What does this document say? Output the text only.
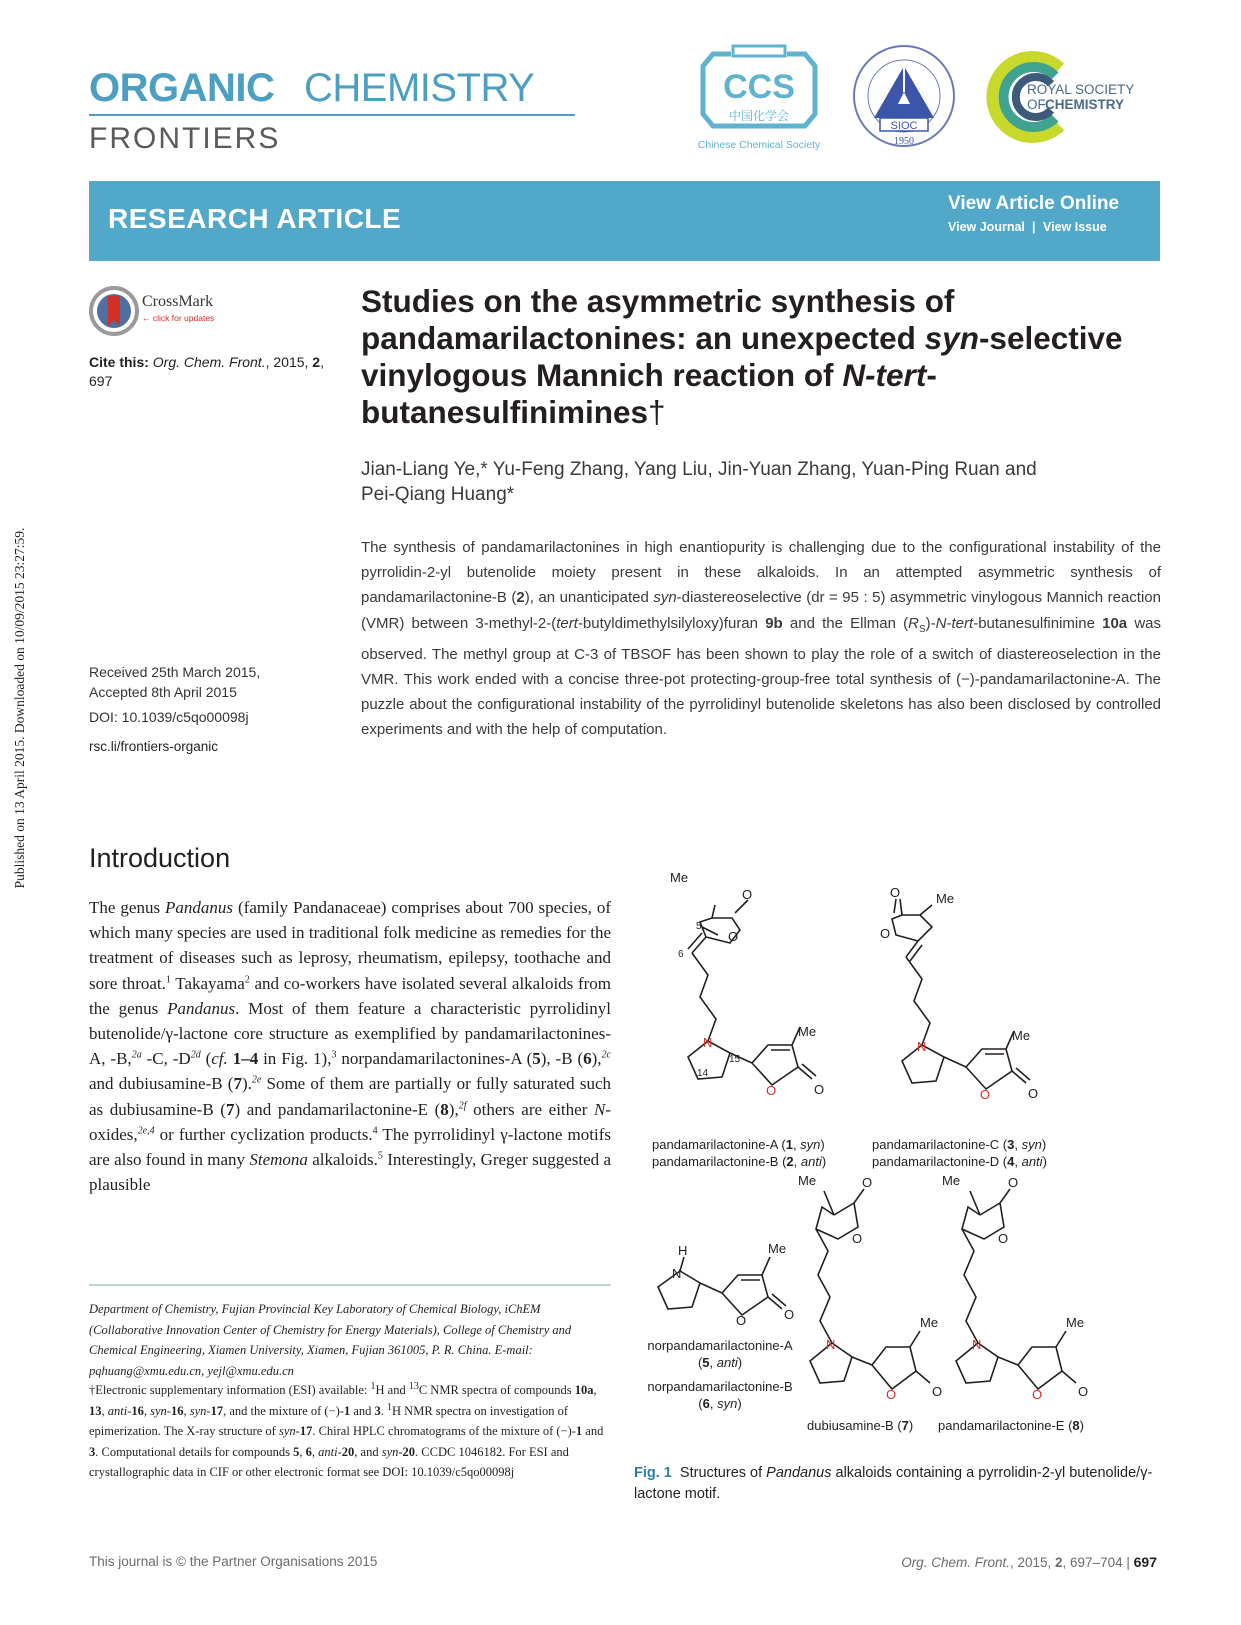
ORGANIC CHEMISTRY
FRONTIERS
CCS
中国化学会
Chinese Chemical Society
SIOC
1950
ROYAL SOCIETY
OF CHEMISTRY
RESEARCH ARTICLE	View Article Online
View Journal | View Issue
CrossMark
← click for updates
Cite this: Org. Chem. Front., 2015, 2,
697
Received 25th March 2015,
Accepted 8th April 2015
DOI: 10.1039/c5qo00098j
rsc.li/frontiers-organic
Studies on the asymmetric synthesis of
pandamarilactonines: an unexpected syn-selective
vinylogous Mannich reaction of N-tert-
butanesulfinimines†
Jian-Liang Ye,* Yu-Feng Zhang, Yang Liu, Jin-Yuan Zhang, Yuan-Ping Ruan and
Pei-Qiang Huang*
The synthesis of pandamarilactonines in high enantiopurity is challenging due to the configurational instability of the pyrrolidin-2-yl butenolide moiety present in these alkaloids. In an attempted asymmetric synthesis of pandamarilactonine-B (2), an unanticipated syn-diastereoselective (dr = 95 : 5) asymmetric vinylogous Mannich reaction (VMR) between 3-methyl-2-(tert-butyldimethylsilyloxy)furan 9b and the Ellman $(R_S)-N-tert$-butanesulfinimine 10a was observed. The methyl group at C-3 of TBSOF has been shown to play the role of a switch of diastereoselection in the VMR. This work ended with a concise three-pot protecting-group-free total synthesis of (−)-pandamarilactonine-A. The puzzle about the configurational instability of the pyrrolidinyl butenolide skeletons has also been disclosed by controlled experiments and with the help of computation.
Introduction
The genus Pandanus (family Pandanaceae) comprises about 700 species, of which many species are used in traditional folk medicine as remedies for the treatment of diseases such as leprosy, rheumatism, epilepsy, toothache and sore throat.$^1$ Takayama$^2$ and co-workers have isolated several alkaloids from the genus Pandanus. Most of them feature a characteristic pyrrolidinyl butenolide/γ-lactone core structure as exemplified by pandamarilactonines-A, -B,$^{2a}$ -C, $-D^{2d}$ (cf. 1–4 in Fig. 1),$^3$ norpandamarilactonines-A (5), -B (6),$^{2c}$ and dubiusamine-B (7).$^{2e}$ Some of them are partially or fully saturated such as dubiusamine-B (7) and pandamarilactonine-E (8),$^{2f}$ others are either N-oxides,$^{2e,4}$ or further cyclization products.$^4$ The pyrrolidinyl γ-lactone motifs are also found in many Stemona alkaloids.$^5$ Interestingly, Greger suggested a plausible
Department of Chemistry, Fujian Provincial Key Laboratory of Chemical Biology, iChEM (Collaborative Innovation Center of Chemistry for Energy Materials), College of Chemistry and Chemical Engineering, Xiamen University, Xiamen, Fujian 361005, P. R. China. E-mail: pqhuang@xmu.edu.cn, yejl@xmu.edu.cn
†Electronic supplementary information (ESI) available: $^1$H and $^{13}$C NMR spectra of compounds 10a, 13, anti-16, syn-16, syn-17, and the mixture of (−)-1 and 3. $^1$H NMR spectra on investigation of epimerization. The X-ray structure of syn-17. Chiral HPLC chromatograms of the mixture of (−)-1 and 3. Computational details for compounds 5, 6, anti-20, and syn-20. CCDC 1046182. For ESI and crystallographic data in CIF or other electronic format see DOI: 10.1039/c5qo00098j
Published on 13 April 2015. Downloaded on 10/09/2015 23:27:59.	Me
O
O
5
6
N
14
15
Me
O	O
O	Me
O
N
Me
O	O
pandamarilactonine-A (1, syn)
pandamarilactonine-B (2, anti)
pandamarilactonine-C (3, syn)
pandamarilactonine-D (4, anti)
H
N
Me
O	O
norpandamarilactonine-A
(5, anti)
norpandamarilactonine-B
(6, syn)
Me	O
O
N
Me
O	O
dubiusamine-B (7)
Me	O
O
N
Me
O	O
pandamarilactonine-E (8)
Fig. 1  Structures of Pandanus alkaloids containing a pyrrolidin-2-yl butenolide/γ-lactone motif.
This journal is © the Partner Organisations 2015	Org. Chem. Front., 2015, 2, 697–704 | 697
